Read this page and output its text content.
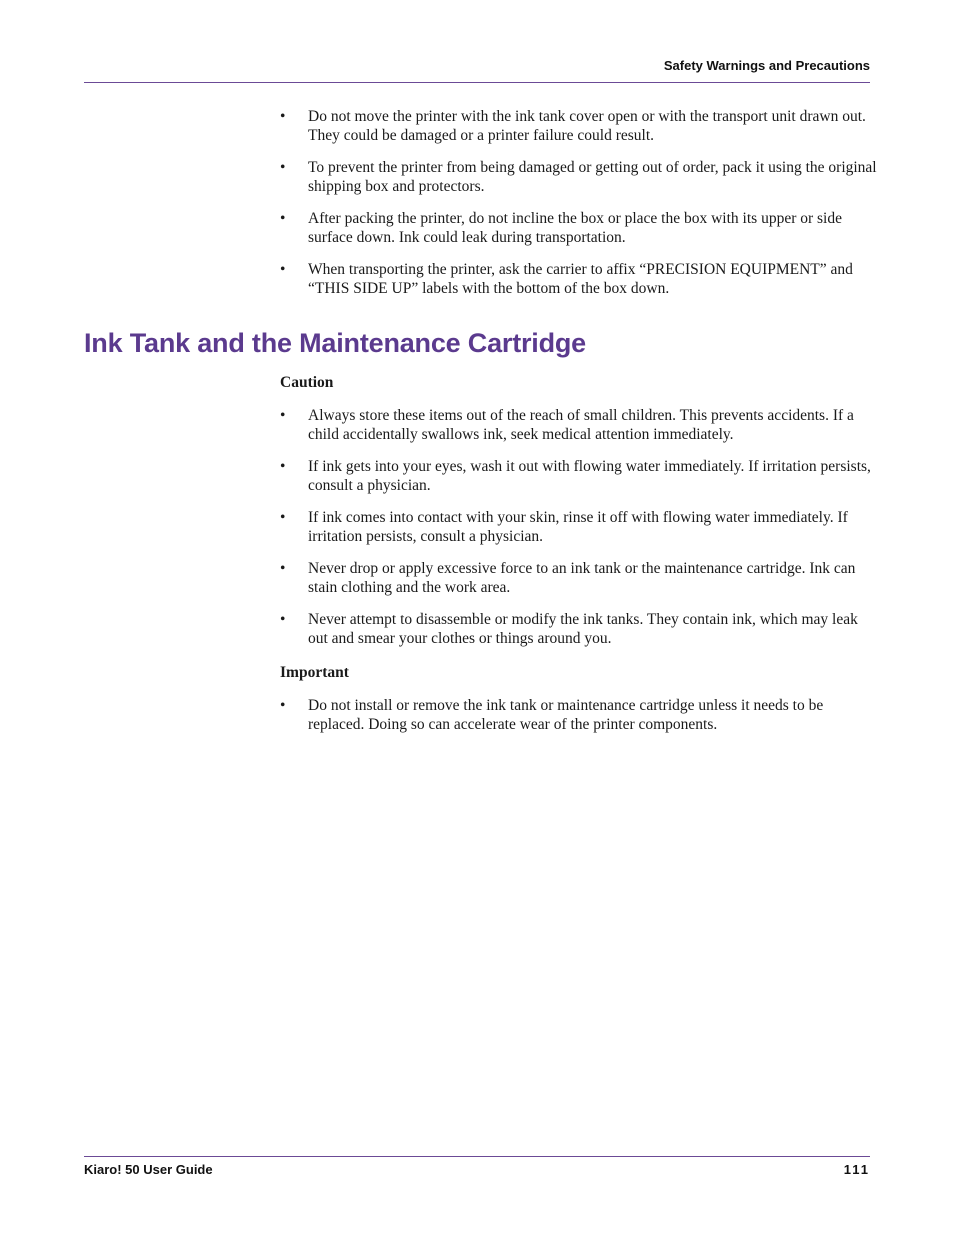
Safety Warnings and Precautions
•	Do not move the printer with the ink tank cover open or with the transport unit drawn out. They could be damaged or a printer failure could result.
•	To prevent the printer from being damaged or getting out of order, pack it using the original shipping box and protectors.
•	After packing the printer, do not incline the box or place the box with its upper or side surface down. Ink could leak during transportation.
•	When transporting the printer, ask the carrier to affix “PRECISION EQUIPMENT” and “THIS SIDE UP” labels with the bottom of the box down.
Ink Tank and the Maintenance Cartridge
Caution
•	Always store these items out of the reach of small children. This prevents accidents. If a child accidentally swallows ink, seek medical attention immediately.
•	If ink gets into your eyes, wash it out with flowing water immediately. If irritation persists, consult a physician.
•	If ink comes into contact with your skin, rinse it off with flowing water immediately. If irritation persists, consult a physician.
•	Never drop or apply excessive force to an ink tank or the maintenance cartridge. Ink can stain clothing and the work area.
•	Never attempt to disassemble or modify the ink tanks. They contain ink, which may leak out and smear your clothes or things around you.
Important
•	Do not install or remove the ink tank or maintenance cartridge unless it needs to be replaced. Doing so can accelerate wear of the printer components.
Kiaro! 50 User Guide	111
